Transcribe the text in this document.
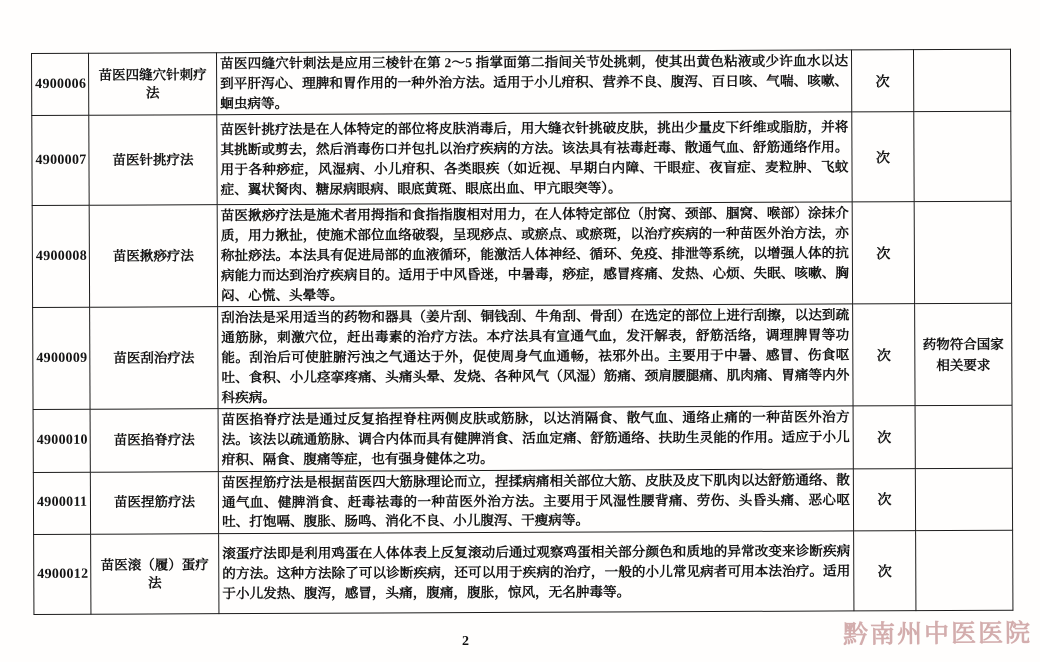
4900006	苗医四缝穴针刺疗法	苗医四缝穴针刺法是应用三棱针在第 2～5 指掌面第二指间关节处挑刺，使其出黄色粘液或少许血水以达到平肝泻心、理脾和胃作用的一种外治方法。适用于小儿疳积、营养不良、腹泻、百日咳、气喘、咳嗽、蛔虫病等。	次	
4900007	苗医针挑疗法	苗医针挑疗法是在人体特定的部位将皮肤消毒后，用大缝衣针挑破皮肤，挑出少量皮下纤维或脂肪，并将其挑断或剪去，然后消毒伤口并包扎以治疗疾病的方法。该法具有祛毒赶毒、散通气血、舒筋通络作用。用于各种痧症，风湿病、小儿疳积、各类眼疾（如近视、早期白内障、干眼症、夜盲症、麦粒肿、飞蚊症、翼状胬肉、糖尿病眼病、眼底黄斑、眼底出血、甲亢眼突等）。	次	
4900008	苗医揪痧疗法	苗医揪痧疗法是施术者用拇指和食指指腹相对用力，在人体特定部位（肘窝、颈部、腘窝、喉部）涂抹介质，用力揪扯，使施术部位血络破裂，呈现痧点、或瘀点、或瘀斑，以治疗疾病的一种苗医外治方法，亦称扯痧法。本法具有促进局部的血液循环，能激活人体神经、循环、免疫、排泄等系统，以增强人体的抗病能力而达到治疗疾病目的。适用于中风昏迷，中暑毒，痧症，感冒疼痛、发热、心烦、失眠、咳嗽、胸闷、心慌、头晕等。	次	
4900009	苗医刮治疗法	刮治法是采用适当的药物和器具（姜片刮、铜钱刮、牛角刮、骨刮）在选定的部位上进行刮擦，以达到疏通筋脉，刺激穴位，赶出毒素的治疗方法。本疗法具有宣通气血，发汗解表，舒筋活络，调理脾胃等功能。刮治后可使脏腑污浊之气通达于外，促使周身气血通畅，祛邪外出。主要用于中暑、感冒、伤食呕吐、食积、小儿痉挛疼痛、头痛头晕、发烧、各种风气（风湿）筋痛、颈肩腰腿痛、肌肉痛、胃痛等内外科疾病。	次	药物符合国家相关要求
4900010	苗医掐脊疗法	苗医掐脊疗法是通过反复掐捏脊柱两侧皮肤或筋脉，以达消隔食、散气血、通络止痛的一种苗医外治方法。该法以疏通筋脉、调合内体而具有健脾消食、活血定痛、舒筋通络、扶助生灵能的作用。适应于小儿疳积、隔食、腹痛等症，也有强身健体之功。	次	
4900011	苗医捏筋疗法	苗医捏筋疗法是根据苗医四大筋脉理论而立，捏揉病痛相关部位大筋、皮肤及皮下肌肉以达舒筋通络、散通气血、健脾消食、赶毒祛毒的一种苗医外治方法。主要用于风湿性腰背痛、劳伤、头昏头痛、恶心呕吐、打饱嗝、腹胀、肠鸣、消化不良、小儿腹泻、干瘦病等。	次	
4900012	苗医滚（履）蛋疗法	滚蛋疗法即是利用鸡蛋在人体体表上反复滚动后通过观察鸡蛋相关部分颜色和质地的异常改变来诊断疾病的方法。这种方法除了可以诊断疾病，还可以用于疾病的治疗，一般的小儿常见病者可用本法治疗。适用于小儿发热、腹泻，感冒，头痛，腹痛，腹胀，惊风，无名肿毒等。	次	
2	黔南州中医医院
